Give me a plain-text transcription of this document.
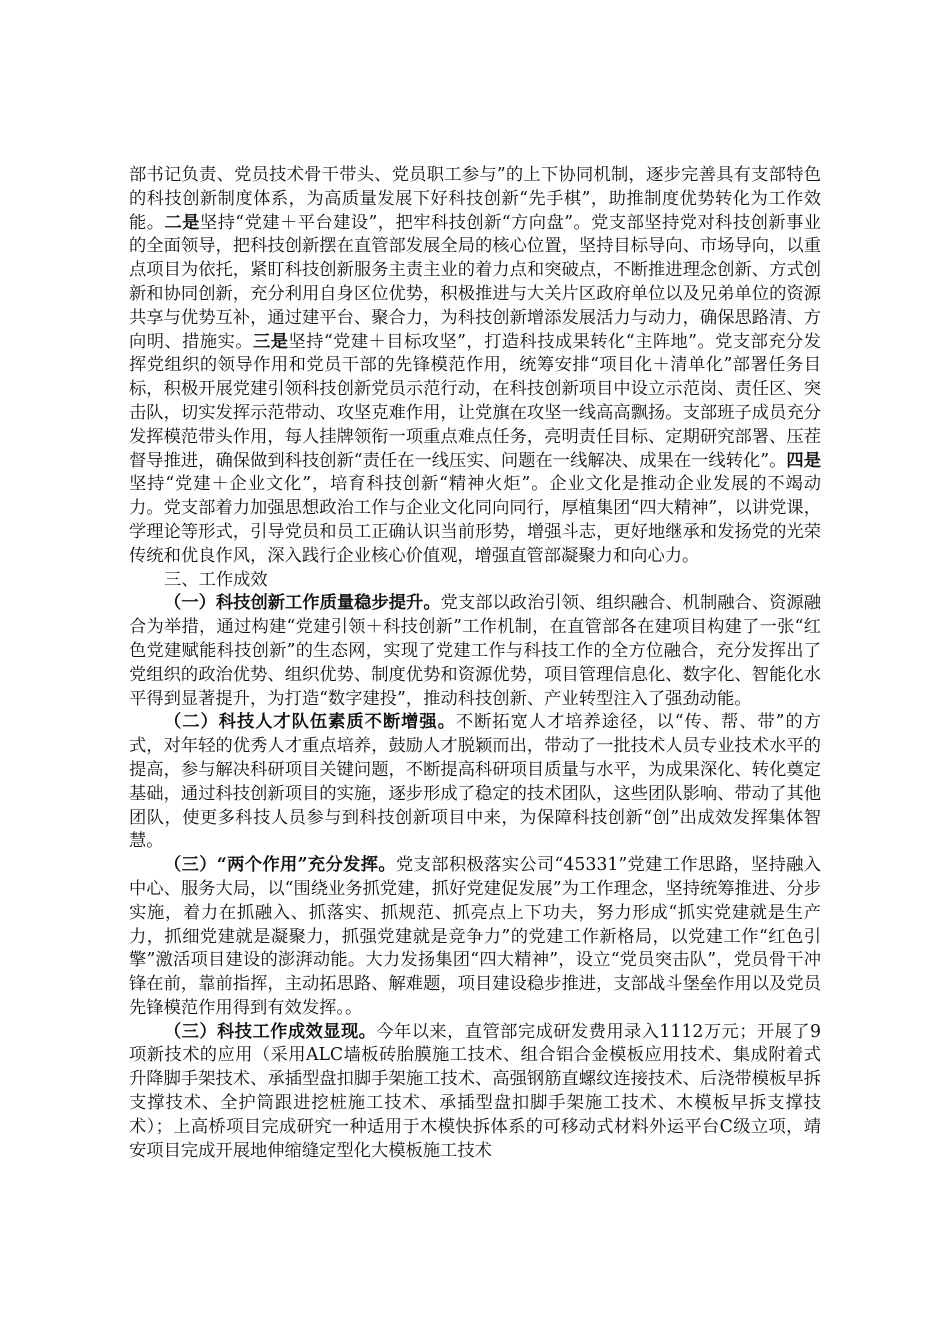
部书记负责、党员技术骨干带头、党员职工参与”的上下协同机制，逐步完善具有支部特色的科技创新制度体系，为高质量发展下好科技创新“先手棋”，助推制度优势转化为工作效能。二是坚持“党建＋平台建设”，把牢科技创新“方向盘”。党支部坚持党对科技创新事业的全面领导，把科技创新摆在直管部发展全局的核心位置，坚持目标导向、市场导向，以重点项目为依托，紧盯科技创新服务主责主业的着力点和突破点，不断推进理念创新、方式创新和协同创新，充分利用自身区位优势，积极推进与大关片区政府单位以及兄弟单位的资源共享与优势互补，通过建平台、聚合力，为科技创新增添发展活力与动力，确保思路清、方向明、措施实。三是坚持“党建＋目标攻坚”，打造科技成果转化“主阵地”。党支部充分发挥党组织的领导作用和党员干部的先锋模范作用，统筹安排“项目化＋清单化”部署任务目标，积极开展党建引领科技创新党员示范行动，在科技创新项目中设立示范岗、责任区、突击队，切实发挥示范带动、攻坚克难作用，让党旗在攻坚一线高高飘扬。支部班子成员充分发挥模范带头作用，每人挂牌领衔一项重点难点任务，亮明责任目标、定期研究部署、压茬督导推进，确保做到科技创新“责任在一线压实、问题在一线解决、成果在一线转化”。四是坚持“党建＋企业文化”，培育科技创新“精神火炬”。企业文化是推动企业发展的不竭动力。党支部着力加强思想政治工作与企业文化同向同行，厚植集团“四大精神”，以讲党课，学理论等形式，引导党员和员工正确认识当前形势，增强斗志，更好地继承和发扬党的光荣传统和优良作风，深入践行企业核心价值观，增强直管部凝聚力和向心力。

三、工作成效

（一）科技创新工作质量稳步提升。党支部以政治引领、组织融合、机制融合、资源融合为举措，通过构建“党建引领＋科技创新”工作机制，在直管部各在建项目构建了一张“红色党建赋能科技创新”的生态网，实现了党建工作与科技工作的全方位融合，充分发挥出了党组织的政治优势、组织优势、制度优势和资源优势，项目管理信息化、数字化、智能化水平得到显著提升，为打造“数字建投”，推动科技创新、产业转型注入了强劲动能。

（二）科技人才队伍素质不断增强。不断拓宽人才培养途径，以“传、帮、带”的方式，对年轻的优秀人才重点培养，鼓励人才脱颖而出，带动了一批技术人员专业技术水平的提高，参与解决科研项目关键问题，不断提高科研项目质量与水平，为成果深化、转化奠定基础，通过科技创新项目的实施，逐步形成了稳定的技术团队，这些团队影响、带动了其他团队，使更多科技人员参与到科技创新项目中来，为保障科技创新“创”出成效发挥集体智慧。

（三）“两个作用”充分发挥。党支部积极落实公司“45331”党建工作思路，坚持融入中心、服务大局，以“围绕业务抓党建，抓好党建促发展”为工作理念，坚持统筹推进、分步实施，着力在抓融入、抓落实、抓规范、抓亮点上下功夫，努力形成“抓实党建就是生产力，抓细党建就是凝聚力，抓强党建就是竞争力”的党建工作新格局，以党建工作“红色引擎”激活项目建设的澎湃动能。大力发扬集团“四大精神”，设立“党员突击队”，党员骨干冲锋在前，靠前指挥，主动拓思路、解难题，项目建设稳步推进，支部战斗堡垒作用以及党员先锋模范作用得到有效发挥。。

（三）科技工作成效显现。今年以来，直管部完成研发费用录入1112万元；开展了9项新技术的应用（采用ALC墙板砖胎膜施工技术、组合铝合金模板应用技术、集成附着式升降脚手架技术、承插型盘扣脚手架施工技术、高强钢筋直螺纹连接技术、后浇带模板早拆支撑技术、全护筒跟进挖桩施工技术、承插型盘扣脚手架施工技术、木模板早拆支撑技术）；上高桥项目完成研究一种适用于木模快拆体系的可移动式材料外运平台C级立项，靖安项目完成开展地伸缩缝定型化大模板施工技术
